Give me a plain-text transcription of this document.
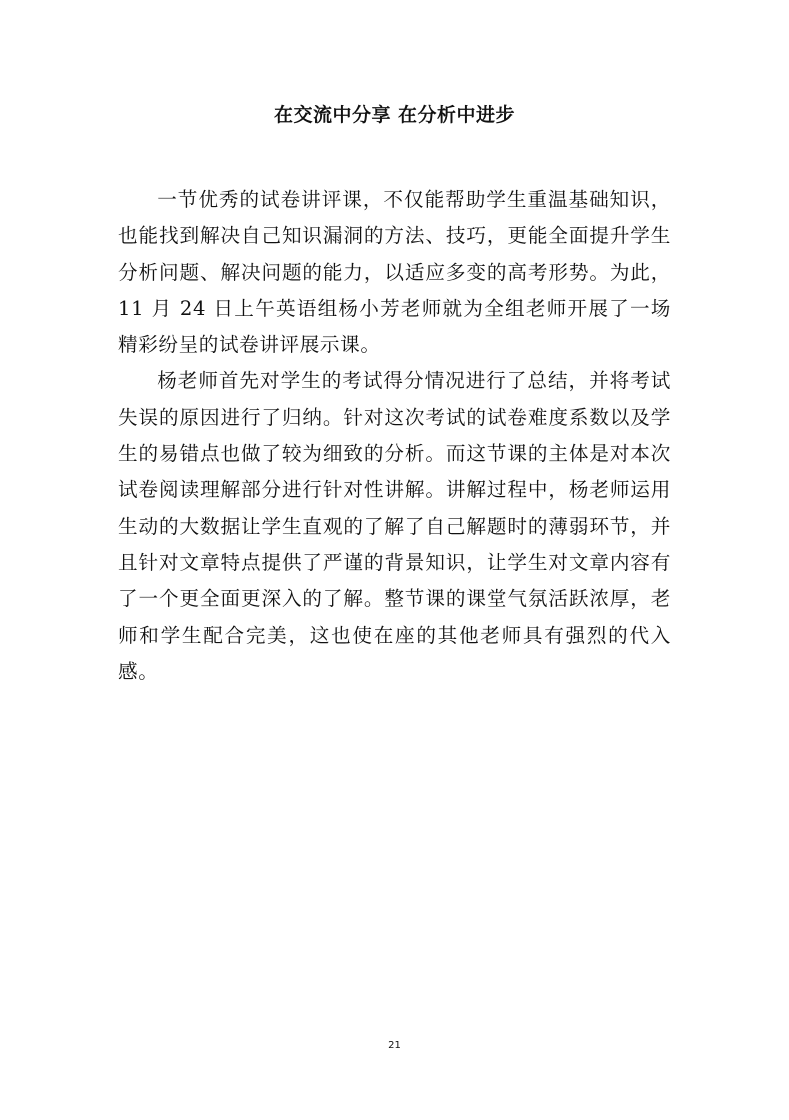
在交流中分享 在分析中进步

一节优秀的试卷讲评课，不仅能帮助学生重温基础知识，也能找到解决自己知识漏洞的方法、技巧，更能全面提升学生分析问题、解决问题的能力，以适应多变的高考形势。为此，11 月 24 日上午英语组杨小芳老师就为全组老师开展了一场精彩纷呈的试卷讲评展示课。

杨老师首先对学生的考试得分情况进行了总结，并将考试失误的原因进行了归纳。针对这次考试的试卷难度系数以及学生的易错点也做了较为细致的分析。而这节课的主体是对本次试卷阅读理解部分进行针对性讲解。讲解过程中，杨老师运用生动的大数据让学生直观的了解了自己解题时的薄弱环节，并且针对文章特点提供了严谨的背景知识，让学生对文章内容有了一个更全面更深入的了解。整节课的课堂气氛活跃浓厚，老师和学生配合完美，这也使在座的其他老师具有强烈的代入感。

21
